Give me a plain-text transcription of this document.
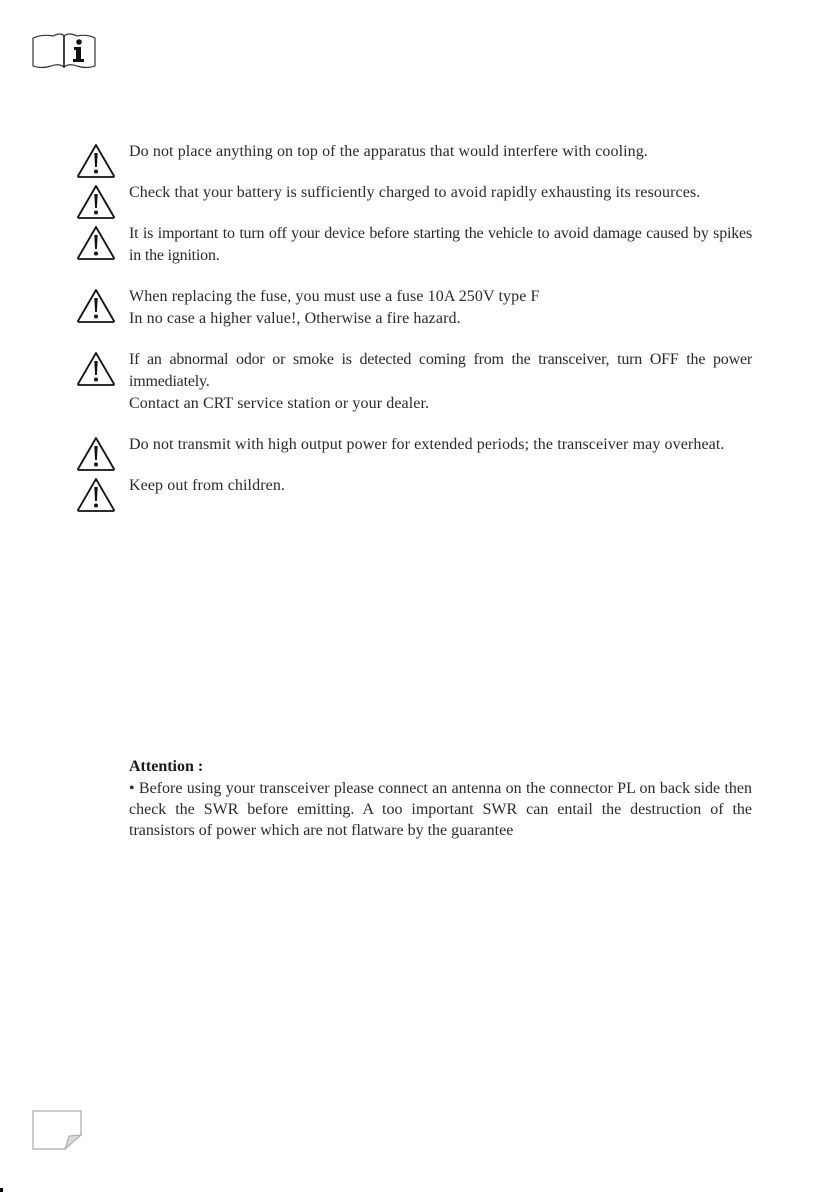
Do not place anything on top of the apparatus that would interfere with cooling.

Check that your battery is sufficiently charged to avoid rapidly exhausting its resources.

It is important to turn off your device before starting the vehicle to avoid damage caused by spikes in the ignition.

When replacing the fuse, you must use a fuse 10A 250V type F

In no case a higher value!, Otherwise a fire hazard.

If an abnormal odor or smoke is detected coming from the transceiver, turn OFF the power immediately.

Contact an CRT service station or your dealer.

Do not transmit with high output power for extended periods; the transceiver may overheat.

Keep out from children.

Attention :

• Before using your transceiver please connect an antenna on the connector PL on back side then check the SWR before emitting. A too important SWR can entail the destruction of the transistors of power which are not flatware by the guarantee
